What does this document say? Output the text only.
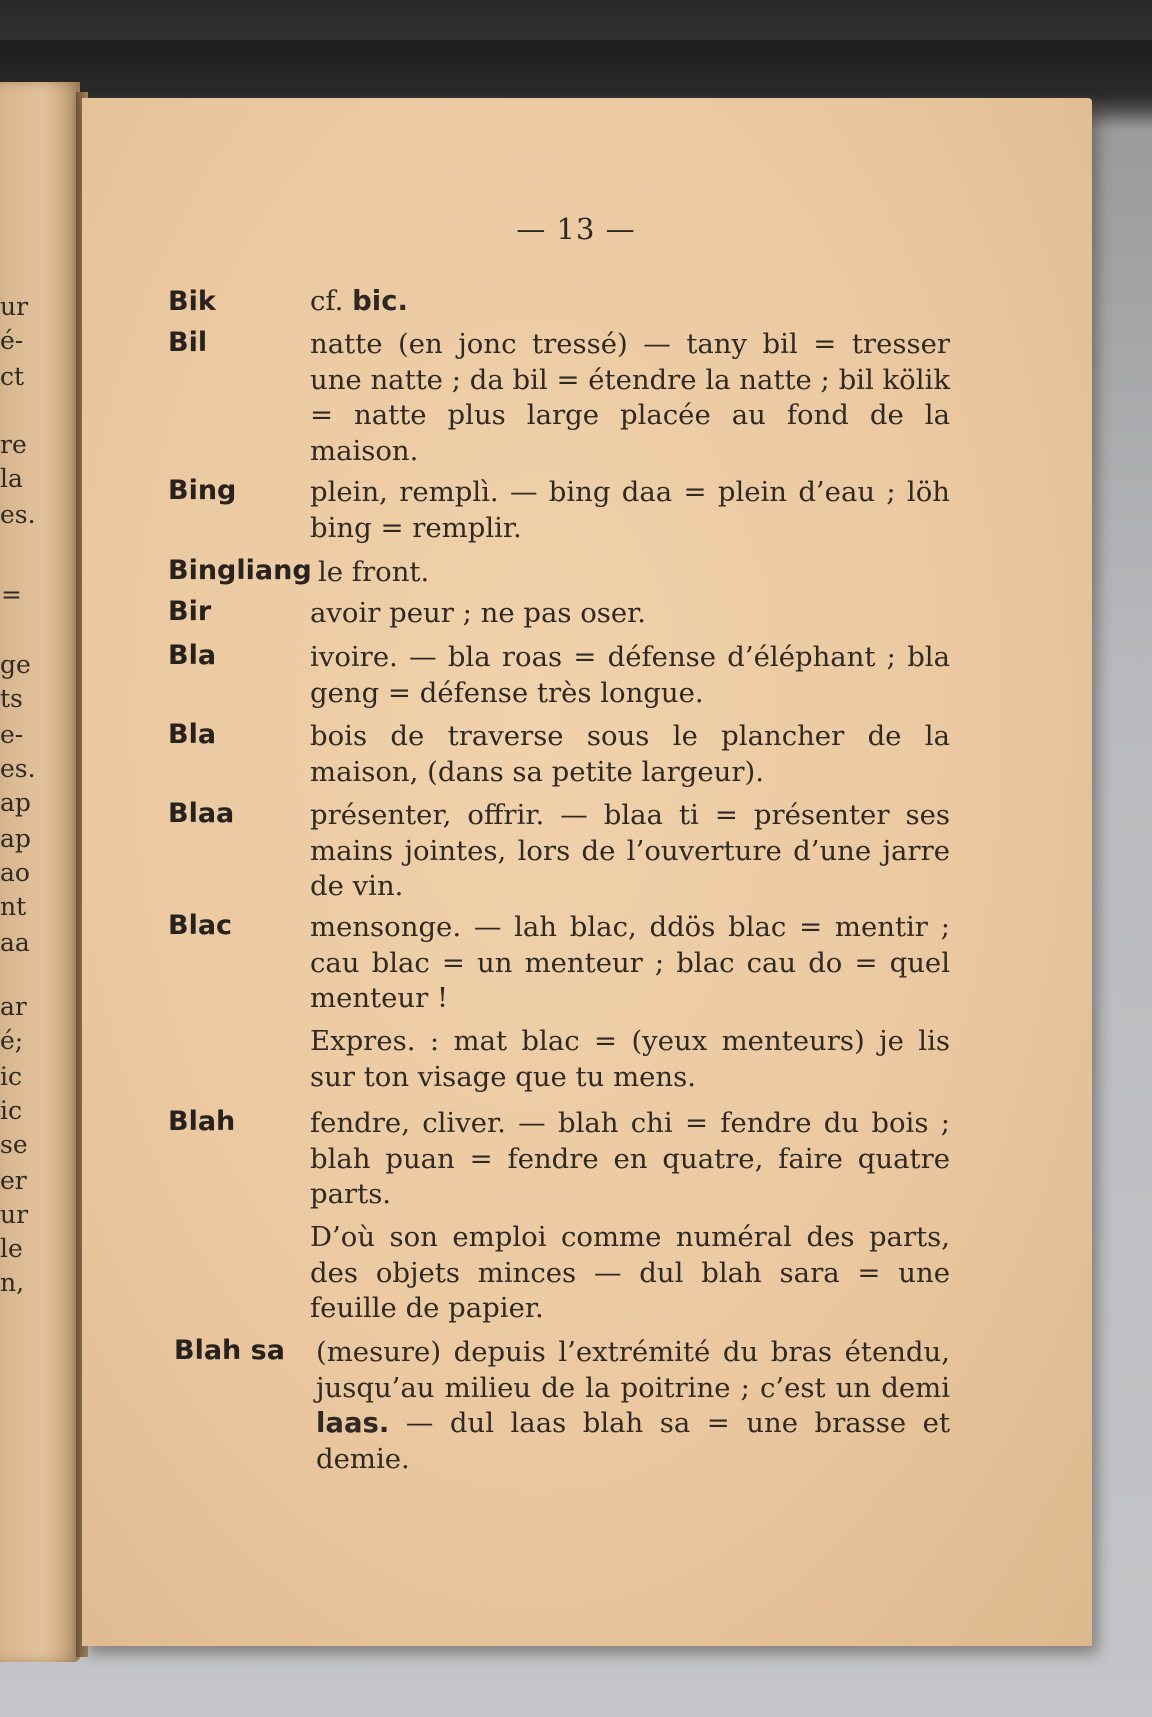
ur
é-
ct
re
la
es.
=
ge
ts
e-
es.
ap
ap
ao
nt
aa
ar
é;
ic
ic
se
er
ur
le
n,
— 13 —
Bik	cf. bic.
Bil	natte (en jonc tressé) — tany bil = tresser une natte ; da bil = étendre la natte ; bil kölik = natte plus large placée au fond de la maison.
Bing	plein, remplì. — bing daa = plein d’eau ; löh bing = remplir.
Bingliang le front.
Bir	avoir peur ; ne pas oser.
Bla	ivoire. — bla roas = défense d’éléphant ; bla geng = défense très longue.
Bla	bois de traverse sous le plancher de la maison, (dans sa petite largeur).
Blaa	présenter, offrir. — blaa ti = présenter ses mains jointes, lors de l’ouverture d’une jarre de vin.
Blac	mensonge. — lah blac, ddös blac = mentir ; cau blac = un menteur ; blac cau do = quel menteur !
Expres. : mat blac = (yeux menteurs) je lis sur ton visage que tu mens.
Blah	fendre, cliver. — blah chi = fendre du bois ; blah puan = fendre en quatre, faire quatre parts.
D’où son emploi comme numéral des parts, des objets minces — dul blah sara = une feuille de papier.
Blah sa (mesure) depuis l’extrémité du bras étendu, jusqu’au milieu de la poitrine ; c’est un demi laas. — dul laas blah sa = une brasse et demie.
